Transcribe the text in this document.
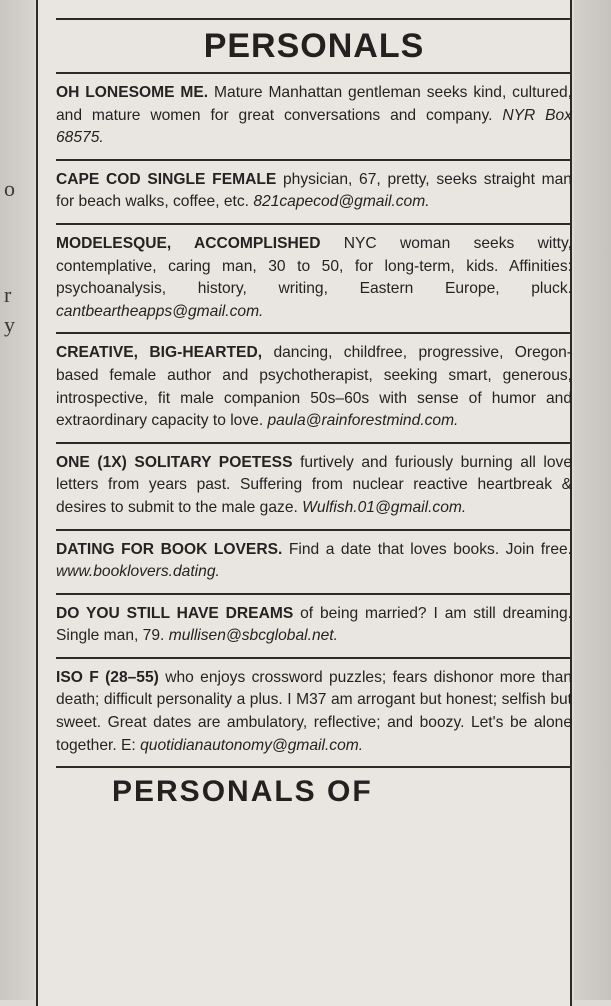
o
r
y
PERSONALS
OH LONESOME ME. Mature Manhattan gentleman seeks kind, cultured, and mature women for great conversations and company. NYR Box 68575.
CAPE COD SINGLE FEMALE physician, 67, pretty, seeks straight man for beach walks, coffee, etc. 821capecod@gmail.com.
MODELESQUE, ACCOMPLISHED NYC woman seeks witty, contemplative, caring man, 30 to 50, for long-term, kids. Affinities: psychoanalysis, history, writing, Eastern Europe, pluck. cantbeartheapps@gmail.com.
CREATIVE, BIG-HEARTED, dancing, childfree, progressive, Oregon-based female author and psychotherapist, seeking smart, generous, introspective, fit male companion 50s–60s with sense of humor and extraordinary capacity to love. paula@rainforestmind.com.
ONE (1X) SOLITARY POETESS furtively and furiously burning all love letters from years past. Suffering from nuclear reactive heartbreak & desires to submit to the male gaze. Wulfish.01@gmail.com.
DATING FOR BOOK LOVERS. Find a date that loves books. Join free. www.booklovers.dating.
DO YOU STILL HAVE DREAMS of being married? I am still dreaming. Single man, 79. mullisen@sbcglobal.net.
ISO F (28–55) who enjoys crossword puzzles; fears dishonor more than death; difficult personality a plus. I M37 am arrogant but honest; selfish but sweet. Great dates are ambulatory, reflective; and boozy. Let's be alone together. E: quotidianautonomy@gmail.com.
PERSONALS OF
